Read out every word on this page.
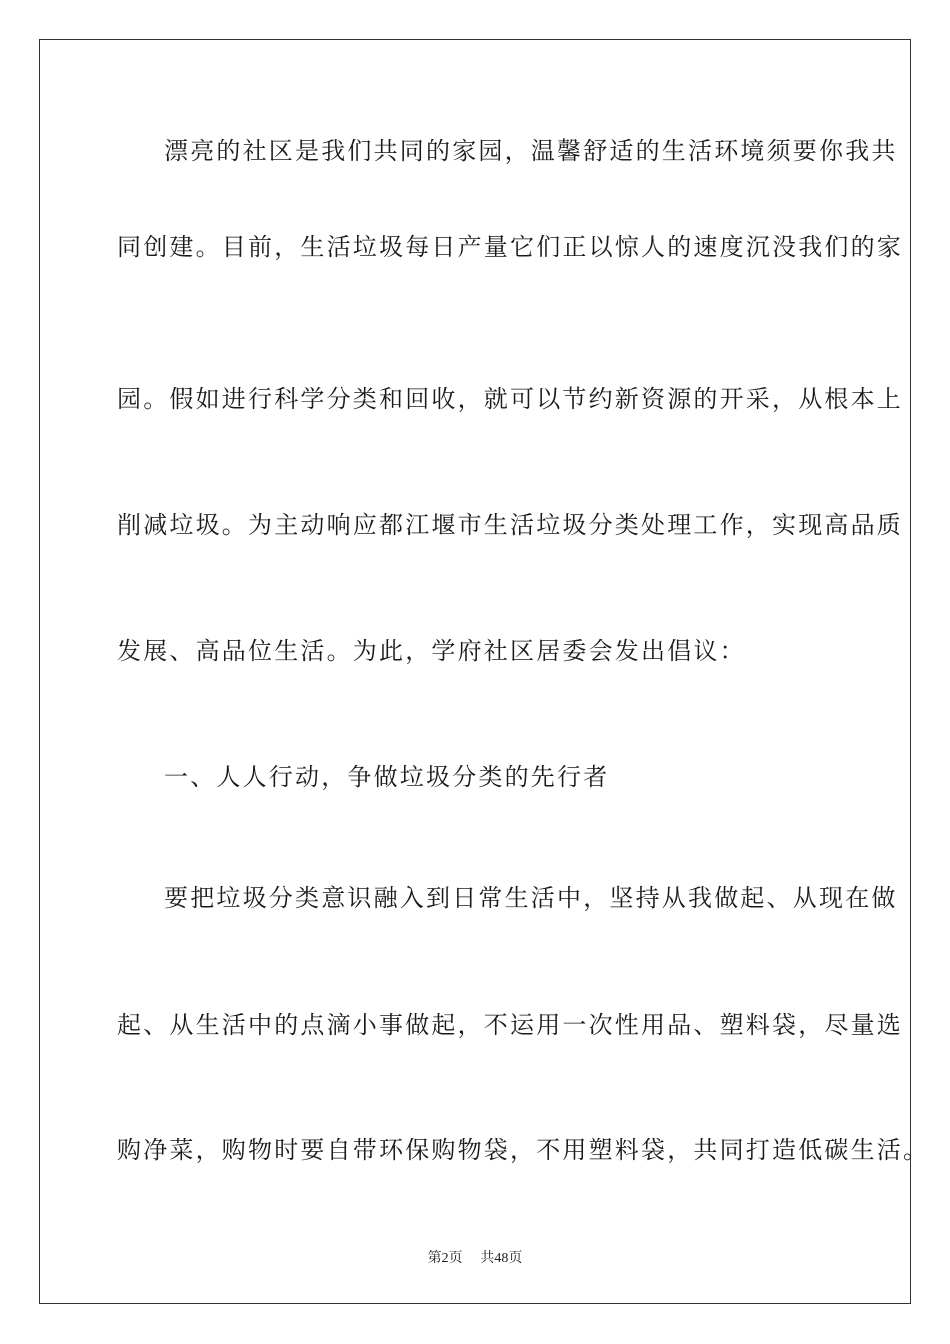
漂亮的社区是我们共同的家园，温馨舒适的生活环境须要你我共
同创建。目前，生活垃圾每日产量它们正以惊人的速度沉没我们的家
园。假如进行科学分类和回收，就可以节约新资源的开采，从根本上
削减垃圾。为主动响应都江堰市生活垃圾分类处理工作，实现高品质
发展、高品位生活。为此，学府社区居委会发出倡议：
一、人人行动，争做垃圾分类的先行者
要把垃圾分类意识融入到日常生活中，坚持从我做起、从现在做
起、从生活中的点滴小事做起，不运用一次性用品、塑料袋，尽量选
购净菜，购物时要自带环保购物袋，不用塑料袋，共同打造低碳生活。
第2页 共48页
